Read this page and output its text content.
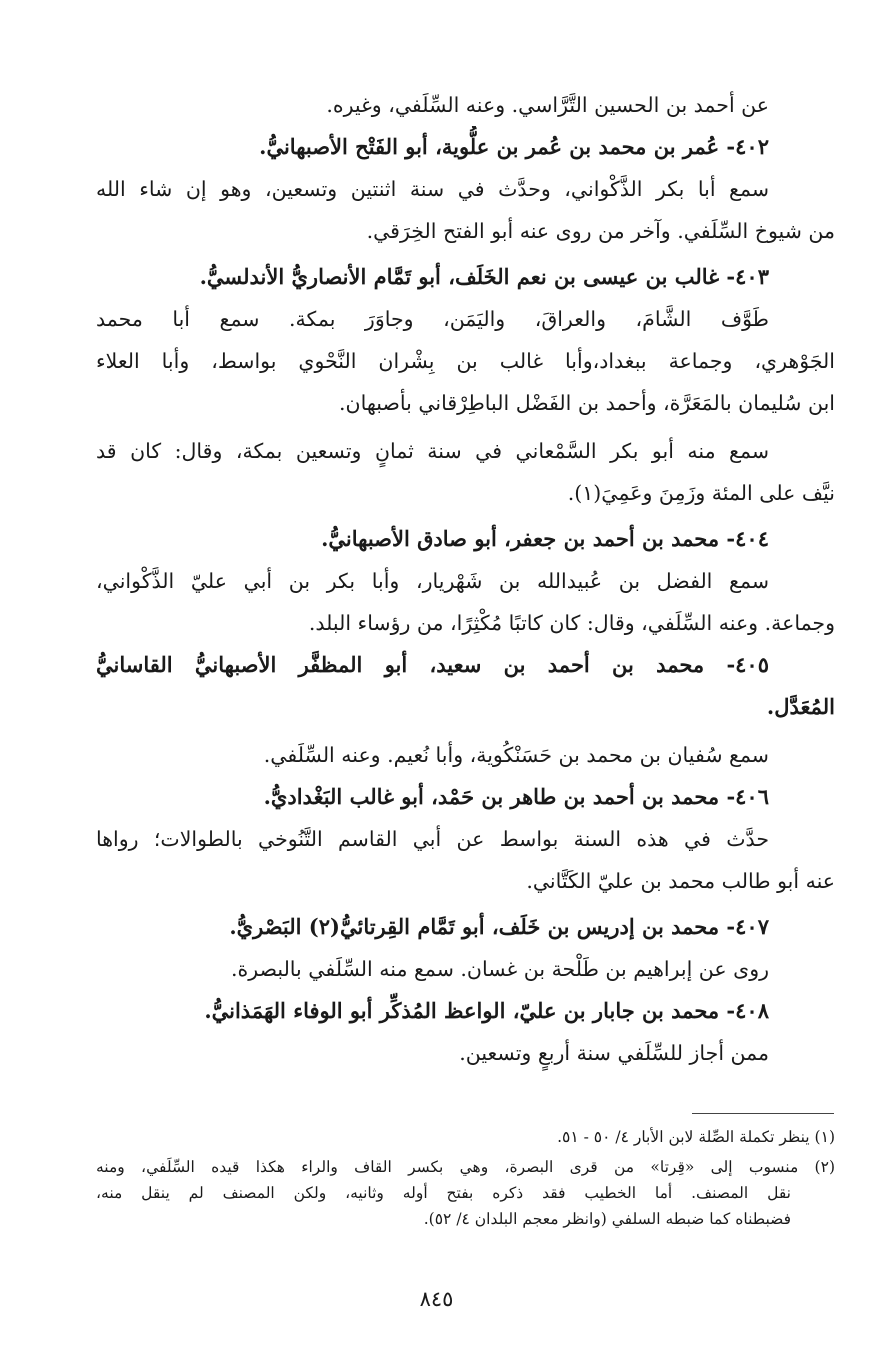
عن أحمد بن الحسين التَّرَّاسي. وعنه السِّلَفي، وغيره.
٤٠٢- عُمر بن محمد بن عُمر بن علُّوية، أبو الفَتْح الأصبهانيُّ.
سمع أبا بكر الذَّكْواني، وحدَّث في سنة اثنتين وتسعين، وهو إن شاء الله
من شيوخ السِّلَفي. وآخر من روى عنه أبو الفتح الخِرَقي.
٤٠٣- غالب بن عيسى بن نعم الخَلَف، أبو تَمَّام الأنصاريُّ الأندلسيُّ.
طَوَّف الشَّامَ، والعراقَ، واليَمَن، وجاوَرَ بمكة. سمع أبا محمد
الجَوْهري، وجماعة ببغداد،وأبا غالب بن بِشْران النَّحْوي بواسط، وأبا العلاء
ابن سُليمان بالمَعَرَّة، وأحمد بن الفَضْل الباطِرْقاني بأصبهان.
سمع منه أبو بكر السَّمْعاني في سنة ثمانٍ وتسعين بمكة، وقال: كان قد
نيَّف على المئة وزَمِنَ وعَمِيَ(١).
٤٠٤- محمد بن أحمد بن جعفر، أبو صادق الأصبهانيُّ.
سمع الفضل بن عُبيدالله بن شَهْريار، وأبا بكر بن أبي عليّ الذَّكْواني،
وجماعة. وعنه السِّلَفي، وقال: كان كاتبًا مُكْثِرًا، من رؤساء البلد.
٤٠٥- محمد بن أحمد بن سعيد، أبو المظفَّر الأصبهانيُّ القاسانيُّ
المُعَدَّل.
سمع سُفيان بن محمد بن حَسَنْكُوية، وأبا نُعيم. وعنه السِّلَفي.
٤٠٦- محمد بن أحمد بن طاهر بن حَمْد، أبو غالب البَغْداديُّ.
حدَّث في هذه السنة بواسط عن أبي القاسم التَّنُوخي بالطوالات؛ رواها
عنه أبو طالب محمد بن عليّ الكَتَّاني.
٤٠٧- محمد بن إدريس بن خَلَف، أبو تَمَّام القِرتائيُّ(٢) البَصْريُّ.
روى عن إبراهيم بن طَلْحة بن غسان. سمع منه السِّلَفي بالبصرة.
٤٠٨- محمد بن جابار بن عليّ، الواعظ المُذكِّر أبو الوفاء الهَمَذانيُّ.
ممن أجاز للسِّلَفي سنة أربعٍ وتسعين.
(١) ينظر تكملة الصِّلة لابن الأبار ٤/ ٥٠ - ٥١.
(٢) منسوب إلى «قِرتا» من قرى البصرة، وهي بكسر القاف والراء هكذا قيده السِّلَفي، ومنه
نقل المصنف. أما الخطيب فقد ذكره بفتح أوله وثانيه، ولكن المصنف لم ينقل منه،
فضبطناه كما ضبطه السلفي (وانظر معجم البلدان ٤/ ٥٢).
٨٤٥
